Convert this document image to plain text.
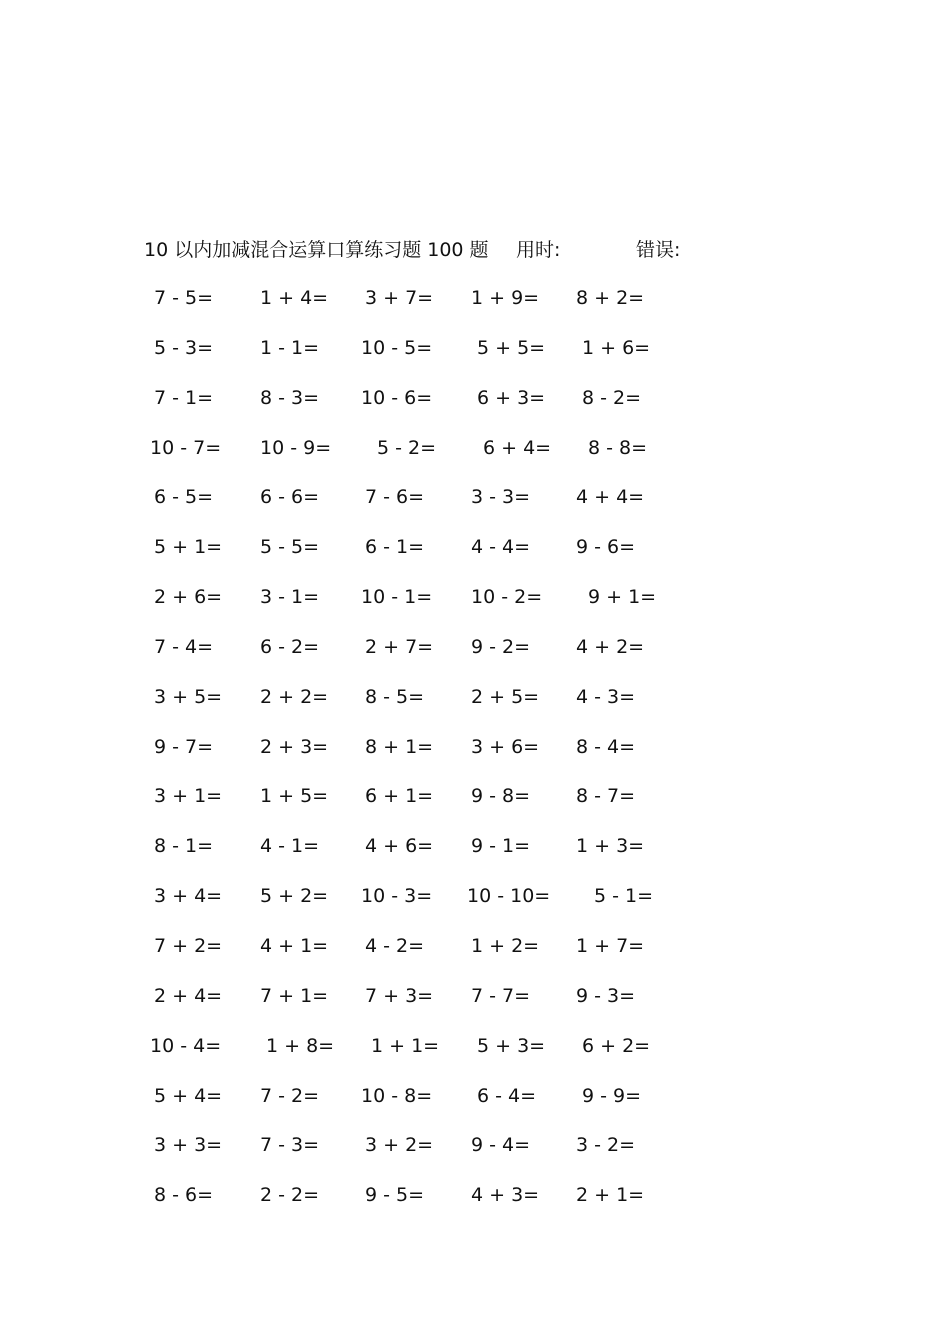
10 以内加减混合运算口算练习题 100 题 用时:	错误:
7 - 5= 1 + 4= 3 + 7= 1 + 9= 8 + 2=
5 - 3= 1 - 1= 10 - 5= 5 + 5= 1 + 6=
7 - 1= 8 - 3= 10 - 6= 6 + 3= 8 - 2=
10 - 7= 10 - 9= 5 - 2= 6 + 4= 8 - 8=
6 - 5= 6 - 6= 7 - 6= 3 - 3= 4 + 4=
5 + 1= 5 - 5= 6 - 1= 4 - 4= 9 - 6=
2 + 6= 3 - 1= 10 - 1= 10 - 2= 9 + 1=
7 - 4= 6 - 2= 2 + 7= 9 - 2= 4 + 2=
3 + 5= 2 + 2= 8 - 5= 2 + 5= 4 - 3=
9 - 7= 2 + 3= 8 + 1= 3 + 6= 8 - 4=
3 + 1= 1 + 5= 6 + 1= 9 - 8= 8 - 7=
8 - 1= 4 - 1= 4 + 6= 9 - 1= 1 + 3=
3 + 4= 5 + 2= 10 - 3= 10 - 10= 5 - 1=
7 + 2= 4 + 1= 4 - 2= 1 + 2= 1 + 7=
2 + 4= 7 + 1= 7 + 3= 7 - 7= 9 - 3=
10 - 4= 1 + 8= 1 + 1= 5 + 3= 6 + 2=
5 + 4= 7 - 2= 10 - 8= 6 - 4= 9 - 9=
3 + 3= 7 - 3= 3 + 2= 9 - 4= 3 - 2=
8 - 6= 2 - 2= 9 - 5= 4 + 3= 2 + 1=
